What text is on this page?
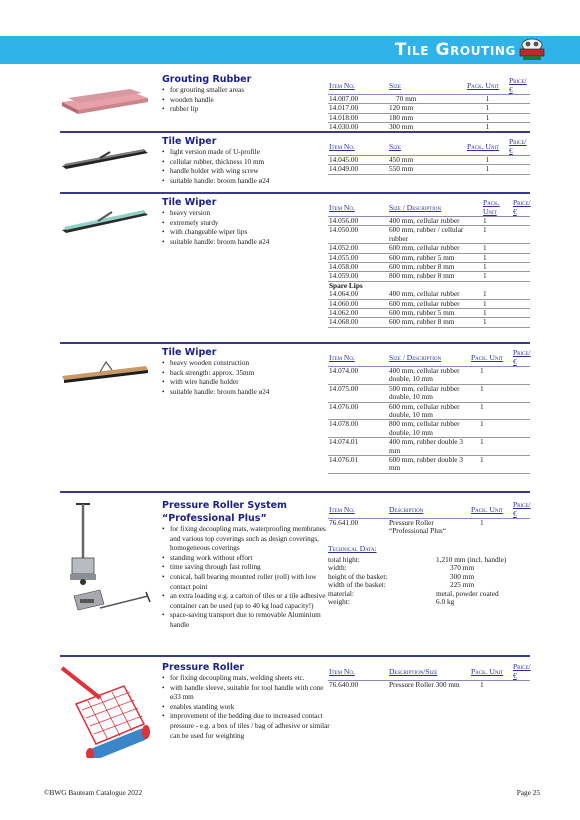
Tile Grouting
Grouting Rubber
• for grouting smaller areas
• wooden handle
• rubber lip
Item No.	Size	Pack. Unit	Price/€
14.007.00	70 mm	1	
14.017.00	120 mm	1	
14.018.00	180 mm	1	
14.030.00	300 mm	1	
Tile Wiper
• light version made of U-profile
• cellular rubber, thickness 10 mm
• handle holder with wing screw
• suitable handle: broom handle ø24
Item No.	Size	Pack. Unit	Price/€
14.045.00	450 mm	1	
14.049.00	550 mm	1	
Tile Wiper
• heavy version
• extremely sturdy
• with changeable wiper lips
• suitable handle: broom handle ø24
Item No.	Size / Description	Pack. Unit	Price/€
14.056.00	400 mm, cellular rubber	1	
14.050.00	600 mm, rubber / cellular rubber	1	
14.052.00	600 mm, cellular rubber	1	
14.055.00	600 mm, rubber 5 mm	1	
14.058.00	600 mm, rubber 8 mm	1	
14.059.00	800 mm, rubber 8 mm	1	
Spare Lips			
14.064.00	400 mm, cellular rubber	1	
14.060.00	600 mm, cellular rubber	1	
14.062.00	600 mm, rubber 5 mm	1	
14.068.00	600 mm, rubber 8 mm	1	
Tile Wiper
• heavy wooden construction
• back strength: approx. 35mm
• with wire handle holder
• suitable handle: broom handle ø24
Item No.	Size / Description	Pack. Unit	Price/€
14.074.00	400 mm, cellular rubber double, 10 mm	1	
14.075.00	500 mm, cellular rubber double, 10 mm	1	
14.076.00	600 mm, cellular rubber double, 10 mm	1	
14.078.00	800 mm, cellular rubber double, 10 mm	1	
14.074.01	400 mm, rubber double 3 mm	1	
14.076.01	600 mm, rubber double 3 mm	1	
Pressure Roller System
“Professional Plus”
• for fixing decoupling mats, waterproofing membranes and various top coverings such as design coverings, homogeneous coverings
• standing work without effort
• time saving through fast rolling
• conical, ball bearing mounted roller (roll) with low contact point
• an extra loading e.g. a carton of tiles or a tile adhesive container can be used (up to 40 kg load capacity!)
• space-saving transport due to removable Aluminium handle
Item No.	Description	Pack. Unit	Price/€
76.641.00	Pressure Roller “Professional Plus“	1	
Technical Data:
total hight:	1,210 mm (incl. handle)
width:	370 mm
height of the basket:	300 mm
width of the basket:	225 mm
material:	metal, powder coated
weight:	6.0 kg
Pressure Roller
• for fixing decoupling mats, welding sheets etc.
• with handle sleeve, suitable for tool handle with cone ø33 mm
• enables standing work
• improvement of the bedding due to increased contact pressure - e.g. a box of tiles / bag of adhesive or similar can be used for weighting
Item No.	Description/Size	Pack. Unit	Price/€
76.640.00	Pressure Roller 300 mm	1	
©BWG Bauteam Catalogue 2022	Page 25
